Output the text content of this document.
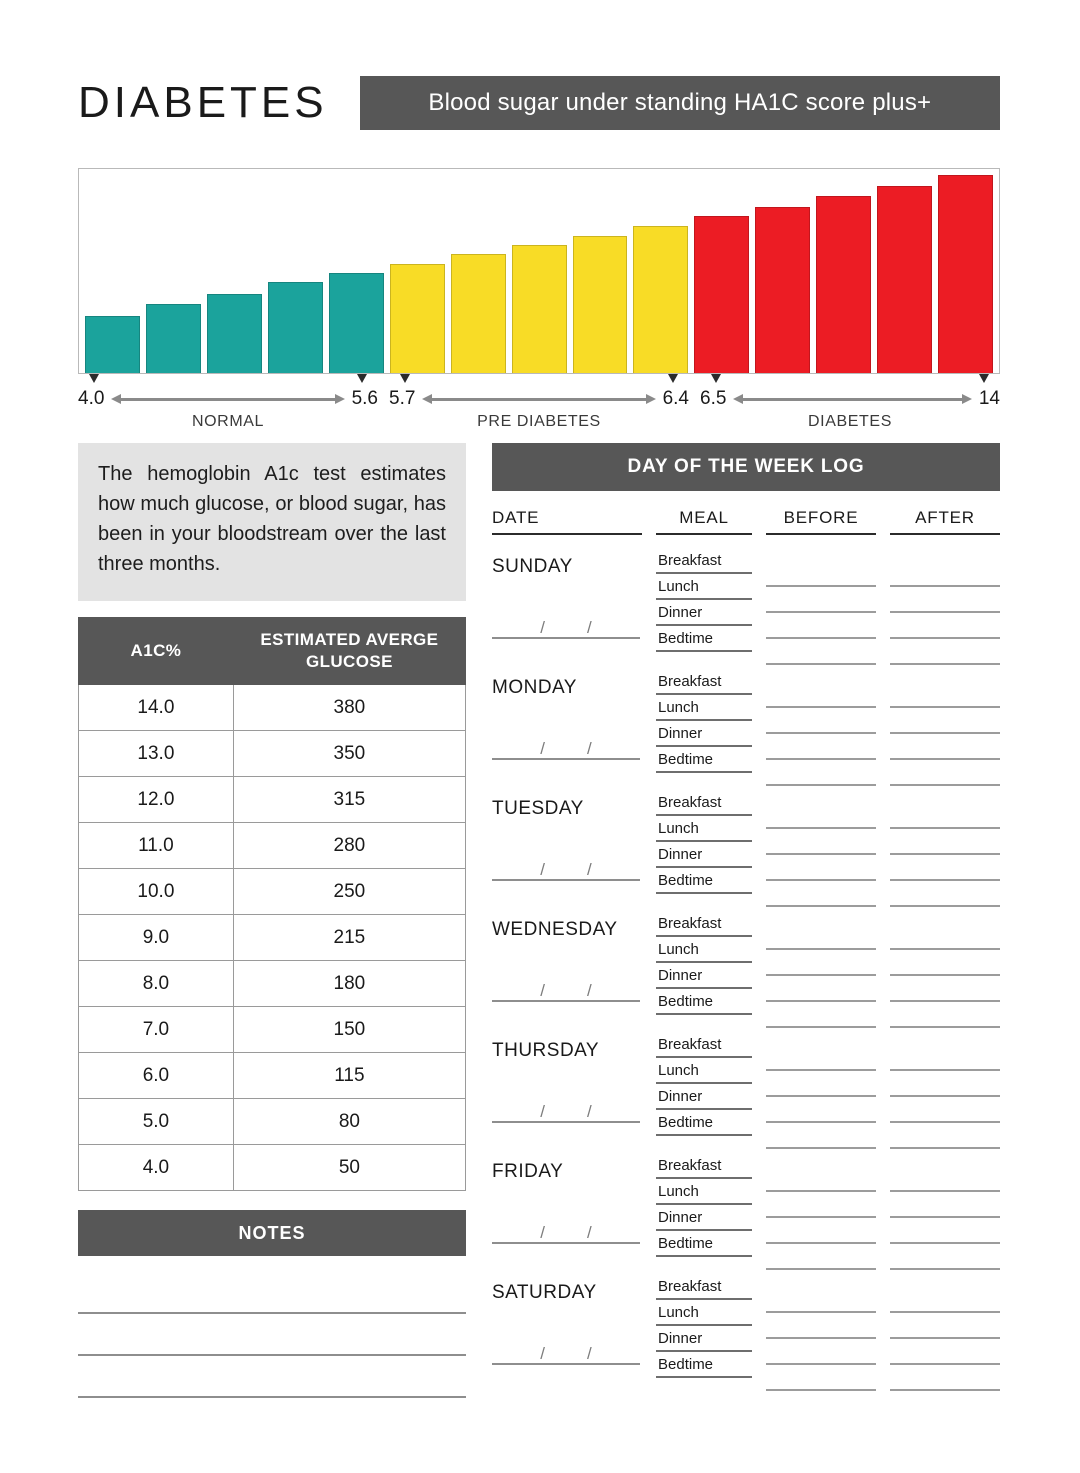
DIABETES	Blood sugar under standing HA1C score plus+
4.0	5.6
NORMAL
5.7	6.4
PRE DIABETES
6.5	14
DIABETES
The hemoglobin A1c test estimates how much glucose, or blood sugar, has been in your bloodstream over the last three months.
A1C%	ESTIMATED AVERGE GLUCOSE
14.0	380
13.0	350
12.0	315
11.0	280
10.0	250
9.0	215
8.0	180
7.0	150
6.0	115
5.0	80
4.0	50
NOTES
DAY OF THE WEEK LOG
DATE	MEAL	BEFORE	AFTER
SUNDAY
/ /
Breakfast
Lunch
Dinner
Bedtime
MONDAY
/ /
Breakfast
Lunch
Dinner
Bedtime
TUESDAY
/ /
Breakfast
Lunch
Dinner
Bedtime
WEDNESDAY
/ /
Breakfast
Lunch
Dinner
Bedtime
THURSDAY
/ /
Breakfast
Lunch
Dinner
Bedtime
FRIDAY
/ /
Breakfast
Lunch
Dinner
Bedtime
SATURDAY
/ /
Breakfast
Lunch
Dinner
Bedtime
